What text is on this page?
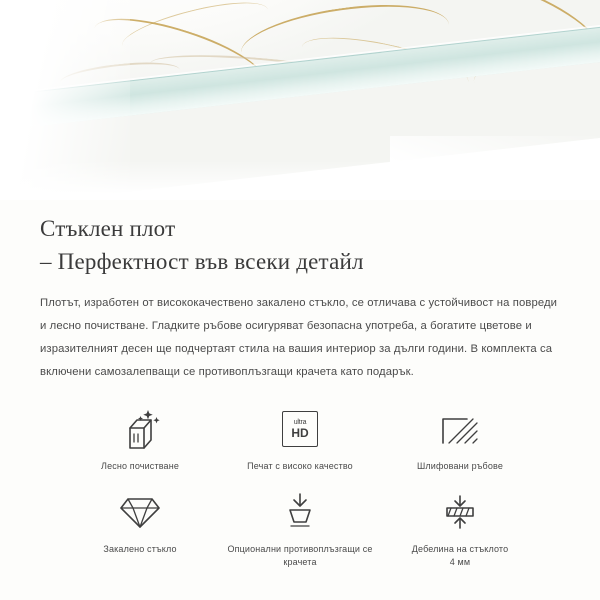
Стъклен плот
– Перфектност във всеки детайл

Плотът, изработен от висококачествено закалено стъкло, се отличава с устойчивост на повреди и лесно почистване. Гладките ръбове осигуряват безопасна употреба, а богатите цветове и изразителният десен ще подчертаят стила на вашия интериор за дълги години. В комплекта са включени самозалепващи се противоплъзгащи крачета като подарък.

Лесно почистване
ultra
HD
Печат с високо качество	Шлифовани ръбове
Закалено стъкло	Опционални противоплъзгащи се крачета
Дебелина на стъклото
4 мм
